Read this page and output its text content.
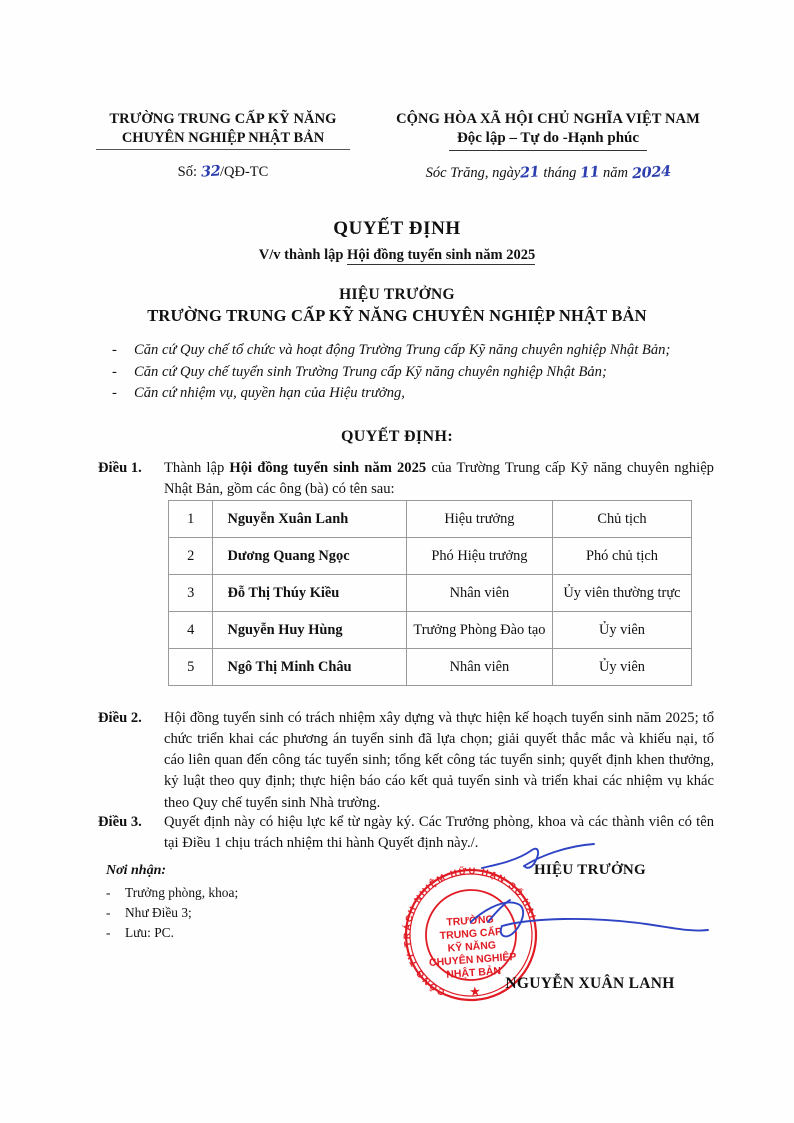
TRƯỜNG TRUNG CẤP KỸ NĂNG
CHUYÊN NGHIỆP NHẬT BẢN
Số: 32/QĐ-TC
CỘNG HÒA XÃ HỘI CHỦ NGHĨA VIỆT NAM
Độc lập – Tự do -Hạnh phúc
Sóc Trăng, ngày21 tháng 11 năm 2024
QUYẾT ĐỊNH
V/v thành lập Hội đồng tuyển sinh năm 2025
HIỆU TRƯỞNG
TRƯỜNG TRUNG CẤP KỸ NĂNG CHUYÊN NGHIỆP NHẬT BẢN
- Căn cứ Quy chế tổ chức và hoạt động Trường Trung cấp Kỹ năng chuyên nghiệp Nhật Bản;
- Căn cứ Quy chế tuyển sinh Trường Trung cấp Kỹ năng chuyên nghiệp Nhật Bản;
- Căn cứ nhiệm vụ, quyền hạn của Hiệu trưởng,
QUYẾT ĐỊNH:
Điều 1.	Thành lập Hội đồng tuyển sinh năm 2025 của Trường Trung cấp Kỹ năng chuyên nghiệp Nhật Bản, gồm các ông (bà) có tên sau:
1	Nguyễn Xuân Lanh	Hiệu trưởng	Chủ tịch
2	Dương Quang Ngọc	Phó Hiệu trưởng	Phó chủ tịch
3	Đỗ Thị Thúy Kiều	Nhân viên	Ủy viên thường trực
4	Nguyễn Huy Hùng	Trưởng Phòng Đào tạo	Ủy viên
5	Ngô Thị Minh Châu	Nhân viên	Ủy viên
Điều 2.	Hội đồng tuyển sinh có trách nhiệm xây dựng và thực hiện kế hoạch tuyển sinh năm 2025; tổ chức triển khai các phương án tuyển sinh đã lựa chọn; giải quyết thắc mắc và khiếu nại, tố cáo liên quan đến công tác tuyển sinh; tổng kết công tác tuyển sinh; quyết định khen thưởng, kỷ luật theo quy định; thực hiện báo cáo kết quả tuyển sinh và triển khai các nhiệm vụ khác theo Quy chế tuyển sinh Nhà trường.
Điều 3.	Quyết định này có hiệu lực kể từ ngày ký. Các Trưởng phòng, khoa và các thành viên có tên tại Điều 1 chịu trách nhiệm thi hành Quyết định này./.
Nơi nhận:
- Trưởng phòng, khoa;
- Như Điều 3;
- Lưu: PC.
HIỆU TRƯỞNG
CÔNG TY TRÁCH NHIỆM HỮU HẠN SỐ HAI
TRƯỜNG
TRUNG CẤP
KỸ NĂNG
CHUYÊN NGHIỆP
NHẬT BẢN
★	NGUYỄN XUÂN LANH
